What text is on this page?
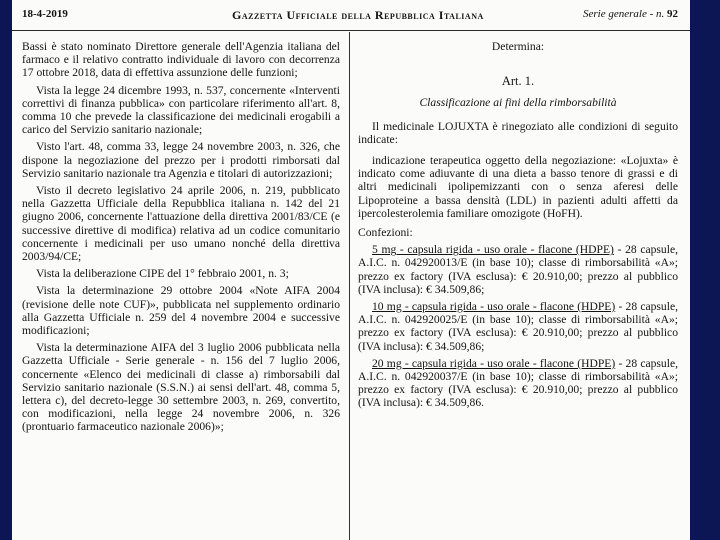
18-4-2019	Gazzetta Ufficiale della Repubblica Italiana	Serie generale - n. 92

Bassi è stato nominato Direttore generale dell'Agenzia italiana del farmaco e il relativo contratto individuale di lavoro con decorrenza 17 ottobre 2018, data di effettiva assunzione delle funzioni;

Vista la legge 24 dicembre 1993, n. 537, concernente «Interventi correttivi di finanza pubblica» con particolare riferimento all'art. 8, comma 10 che prevede la classificazione dei medicinali erogabili a carico del Servizio sanitario nazionale;

Visto l'art. 48, comma 33, legge 24 novembre 2003, n. 326, che dispone la negoziazione del prezzo per i prodotti rimborsati dal Servizio sanitario nazionale tra Agenzia e titolari di autorizzazioni;

Visto il decreto legislativo 24 aprile 2006, n. 219, pubblicato nella Gazzetta Ufficiale della Repubblica italiana n. 142 del 21 giugno 2006, concernente l'attuazione della direttiva 2001/83/CE (e successive direttive di modifica) relativa ad un codice comunitario concernente i medicinali per uso umano nonché della direttiva 2003/94/CE;

Vista la deliberazione CIPE del 1° febbraio 2001, n. 3;

Vista la determinazione 29 ottobre 2004 «Note AIFA 2004 (revisione delle note CUF)», pubblicata nel supplemento ordinario alla Gazzetta Ufficiale n. 259 del 4 novembre 2004 e successive modificazioni;

Vista la determinazione AIFA del 3 luglio 2006 pubblicata nella Gazzetta Ufficiale - Serie generale - n. 156 del 7 luglio 2006, concernente «Elenco dei medicinali di classe a) rimborsabili dal Servizio sanitario nazionale (S.S.N.) ai sensi dell'art. 48, comma 5, lettera c), del decreto-legge 30 settembre 2003, n. 269, convertito, con modificazioni, nella legge 24 novembre 2006, n. 326 (prontuario farmaceutico nazionale 2006)»;

Determina:

Art. 1.

Classificazione ai fini della rimborsabilità

Il medicinale LOJUXTA è rinegoziato alle condizioni di seguito indicate:

indicazione terapeutica oggetto della negoziazione: «Lojuxta» è indicato come adiuvante di una dieta a basso tenore di grassi e di altri medicinali ipolipemizzanti con o senza aferesi delle Lipoproteine a bassa densità (LDL) in pazienti adulti affetti da ipercolesterolemia familiare omozigote (HoFH).

Confezioni:

5 mg - capsula rigida - uso orale - flacone (HDPE) - 28 capsule, A.I.C. n. 042920013/E (in base 10); classe di rimborsabilità «A»; prezzo ex factory (IVA esclusa): € 20.910,00; prezzo al pubblico (IVA inclusa): € 34.509,86;

10 mg - capsula rigida - uso orale - flacone (HDPE) - 28 capsule, A.I.C. n. 042920025/E (in base 10); classe di rimborsabilità «A»; prezzo ex factory (IVA esclusa): € 20.910,00; prezzo al pubblico (IVA inclusa): € 34.509,86;

20 mg - capsula rigida - uso orale - flacone (HDPE) - 28 capsule, A.I.C. n. 042920037/E (in base 10); classe di rimborsabilità «A»; prezzo ex factory (IVA esclusa): € 20.910,00; prezzo al pubblico (IVA inclusa): € 34.509,86.
